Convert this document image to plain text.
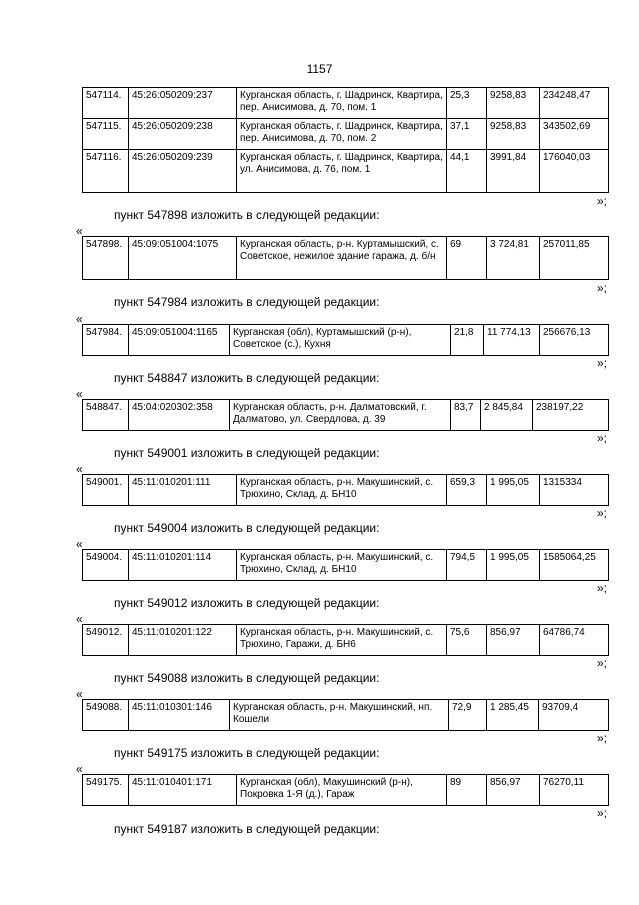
1157
547114.	45:26:050209:237	Курганская область, г. Шадринск, Квартира, пер. Анисимова, д. 70, пом. 1	25,3	9258,83	234248,47
547115.	45:26:050209:238	Курганская область, г. Шадринск, Квартира, пер. Анисимова, д. 70, пом. 2	37,1	9258,83	343502,69
547116.	45:26:050209:239	Курганская область, г. Шадринск, Квартира, ул. Анисимова, д. 76, пом. 1	44,1	3991,84	176040,03
»;
пункт 547898 изложить в следующей редакции:
«
547898.	45:09:051004:1075	Курганская область, р-н. Куртамышский, с. Советское, нежилое здание гаража, д. б/н	69	3 724,81	257011,85
»;
пункт 547984 изложить в следующей редакции:
«
547984.	45:09:051004:1165	Курганская (обл), Куртамышский (р-н), Советское (с.), Кухня	21,8	11 774,13	256676,13
»;
пункт 548847 изложить в следующей редакции:
«
548847.	45:04:020302:358	Курганская область, р-н. Далматовский, г. Далматово, ул. Свердлова, д. 39	83,7	2 845,84	238197,22
»;
пункт 549001 изложить в следующей редакции:
«
549001.	45:11:010201:111	Курганская область, р-н. Макушинский, с. Трюхино, Склад, д. БН10	659,3	1 995,05	1315334
»;
пункт 549004 изложить в следующей редакции:
«
549004.	45:11:010201:114	Курганская область, р-н. Макушинский, с. Трюхино, Склад, д. БН10	794,5	1 995,05	1585064,25
»;
пункт 549012 изложить в следующей редакции:
«
549012.	45:11:010201:122	Курганская область, р-н. Макушинский, с. Трюхино, Гаражи, д. БН6	75,6	856,97	64786,74
»;
пункт 549088 изложить в следующей редакции:
«
549088.	45:11:010301:146	Курганская область, р-н. Макушинский, нп. Кошели	72,9	1 285,45	93709,4
»;
пункт 549175 изложить в следующей редакции:
«
549175.	45:11:010401:171	Курганская (обл), Макушинский (р-н), Покровка 1-Я (д.), Гараж	89	856,97	76270,11
»;
пункт 549187 изложить в следующей редакции:
